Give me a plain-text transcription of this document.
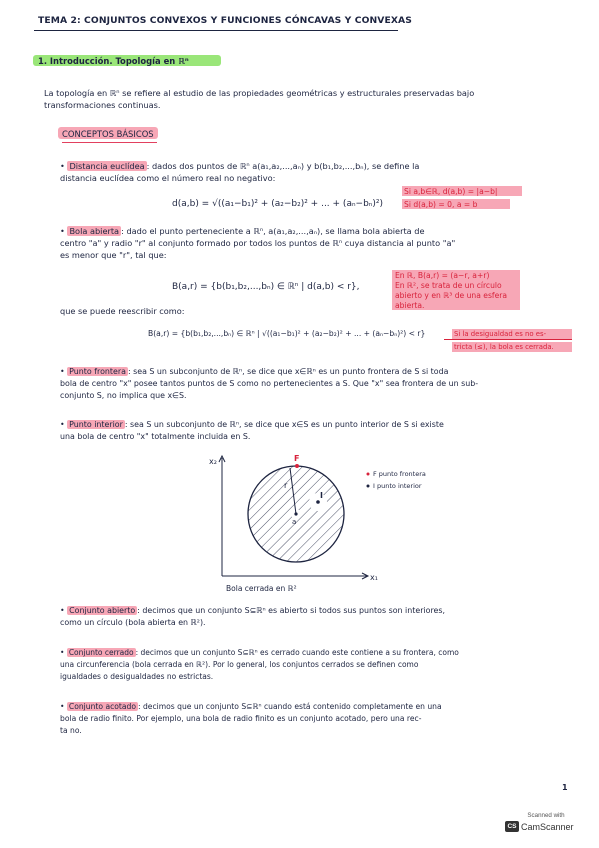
TEMA 2: CONJUNTOS CONVEXOS Y FUNCIONES CÓNCAVAS Y CONVEXAS
1. Introducción. Topología en ℝⁿ
La topología en ℝⁿ se refiere al estudio de las propiedades geométricas y estructurales preservadas bajo
transformaciones continuas.
CONCEPTOS BÁSICOS
• Distancia euclídea : dados dos puntos de ℝⁿ a(a₁,a₂,...,aₙ) y b(b₁,b₂,...,bₙ), se define la
distancia euclídea como el número real no negativo:
d(a,b) = √((a₁−b₁)² + (a₂−b₂)² + ... + (aₙ−bₙ)²)
Si a,b∈ℝ, d(a,b) = |a−b|
Si d(a,b) = 0, a = b
• Bola abierta : dado el punto perteneciente a ℝⁿ, a(a₁,a₂,...,aₙ), se llama bola abierta de
centro "a" y radio "r" al conjunto formado por todos los puntos de ℝⁿ cuya distancia al punto "a"
es menor que "r", tal que:
B(a,r) = {b(b₁,b₂,...,bₙ) ∈ ℝⁿ | d(a,b) < r},
En ℝ, B(a,r) = (a−r, a+r)
En ℝ², se trata de un círculo
abierto y en ℝ³ de una esfera
abierta.
que se puede reescribir como:
B(a,r) = {b(b₁,b₂,...,bₙ) ∈ ℝⁿ | √((a₁−b₁)² + (a₂−b₂)² + ... + (aₙ−bₙ)²) < r}	Si la desigualdad es no es-
tricta (≤), la bola es cerrada.
• Punto frontera : sea S un subconjunto de ℝⁿ, se dice que x∈ℝⁿ es un punto frontera de S si toda
bola de centro "x" posee tantos puntos de S como no pertenecientes a S. Que "x" sea frontera de un sub-
conjunto S, no implica que x∈S.
• Punto interior : sea S un subconjunto de ℝⁿ, se dice que x∈S es un punto interior de S si existe
una bola de centro "x" totalmente incluida en S.
x₂
x₁
F
r
I
a
F punto frontera
I punto interior
Bola cerrada en ℝ²
• Conjunto abierto : decimos que un conjunto S⊆ℝⁿ es abierto si todos sus puntos son interiores,
como un círculo (bola abierta en ℝ²).
• Conjunto cerrado : decimos que un conjunto S⊆ℝⁿ es cerrado cuando este contiene a su frontera, como
una circunferencia (bola cerrada en ℝ²). Por lo general, los conjuntos cerrados se definen como
igualdades o desigualdades no estrictas.
• Conjunto acotado : decimos que un conjunto S⊆ℝⁿ cuando está contenido completamente en una
bola de radio finito. Por ejemplo, una bola de radio finito es un conjunto acotado, pero una rec-
ta no.
1
Scanned with
CS CamScanner
